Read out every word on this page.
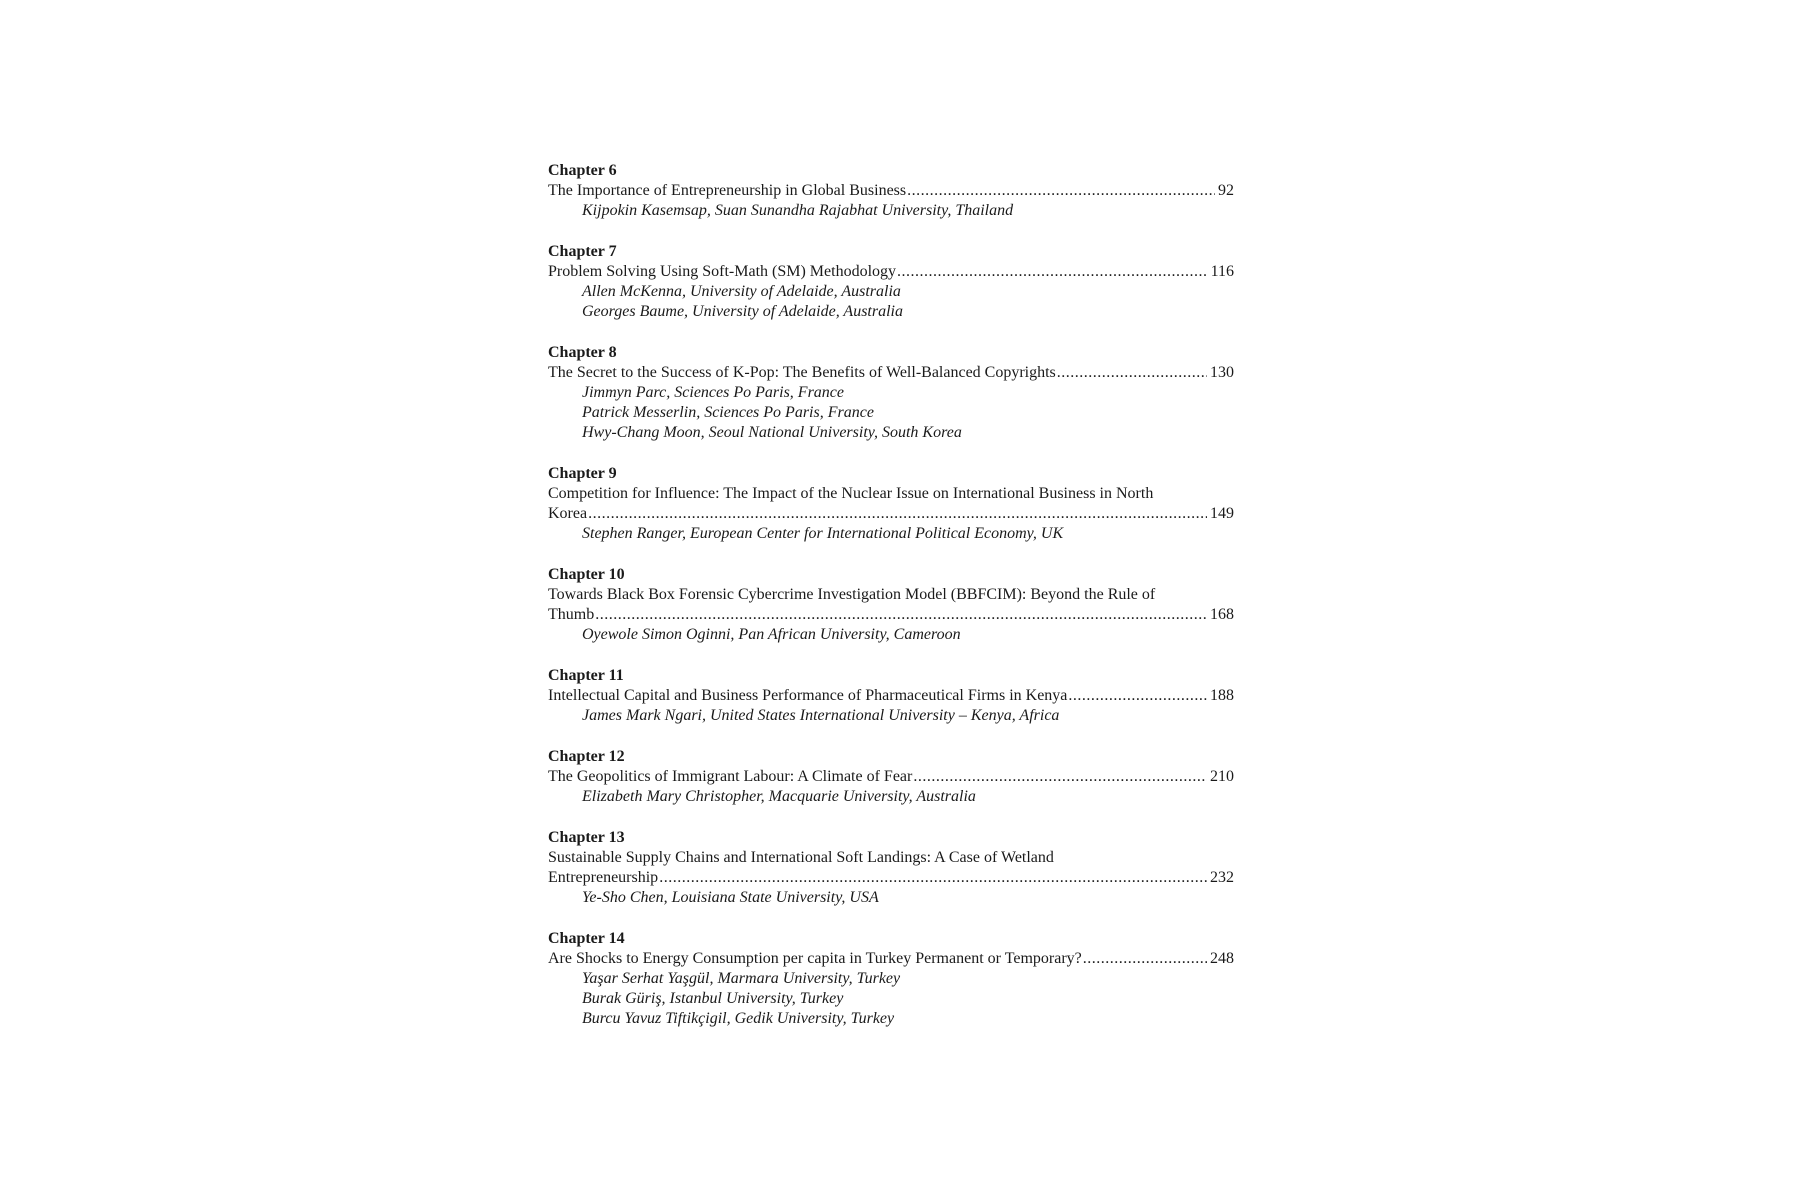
Chapter 6
The Importance of Entrepreneurship in Global Business .....	92
Kijpokin Kasemsap, Suan Sunandha Rajabhat University, Thailand
Chapter 7
Problem Solving Using Soft-Math (SM) Methodology .....	116
Allen McKenna, University of Adelaide, Australia
Georges Baume, University of Adelaide, Australia
Chapter 8
The Secret to the Success of K-Pop: The Benefits of Well-Balanced Copyrights .....	130
Jimmyn Parc, Sciences Po Paris, France
Patrick Messerlin, Sciences Po Paris, France
Hwy-Chang Moon, Seoul National University, South Korea
Chapter 9
Competition for Influence: The Impact of the Nuclear Issue on International Business in North
Korea .....	149
Stephen Ranger, European Center for International Political Economy, UK
Chapter 10
Towards Black Box Forensic Cybercrime Investigation Model (BBFCIM): Beyond the Rule of
Thumb .....	168
Oyewole Simon Oginni, Pan African University, Cameroon
Chapter 11
Intellectual Capital and Business Performance of Pharmaceutical Firms in Kenya .....	188
James Mark Ngari, United States International University – Kenya, Africa
Chapter 12
The Geopolitics of Immigrant Labour: A Climate of Fear .....	210
Elizabeth Mary Christopher, Macquarie University, Australia
Chapter 13
Sustainable Supply Chains and International Soft Landings: A Case of Wetland
Entrepreneurship .....	232
Ye-Sho Chen, Louisiana State University, USA
Chapter 14
Are Shocks to Energy Consumption per capita in Turkey Permanent or Temporary? .....	248
Yaşar Serhat Yaşgül, Marmara University, Turkey
Burak Güriş, Istanbul University, Turkey
Burcu Yavuz Tiftikçigil, Gedik University, Turkey
